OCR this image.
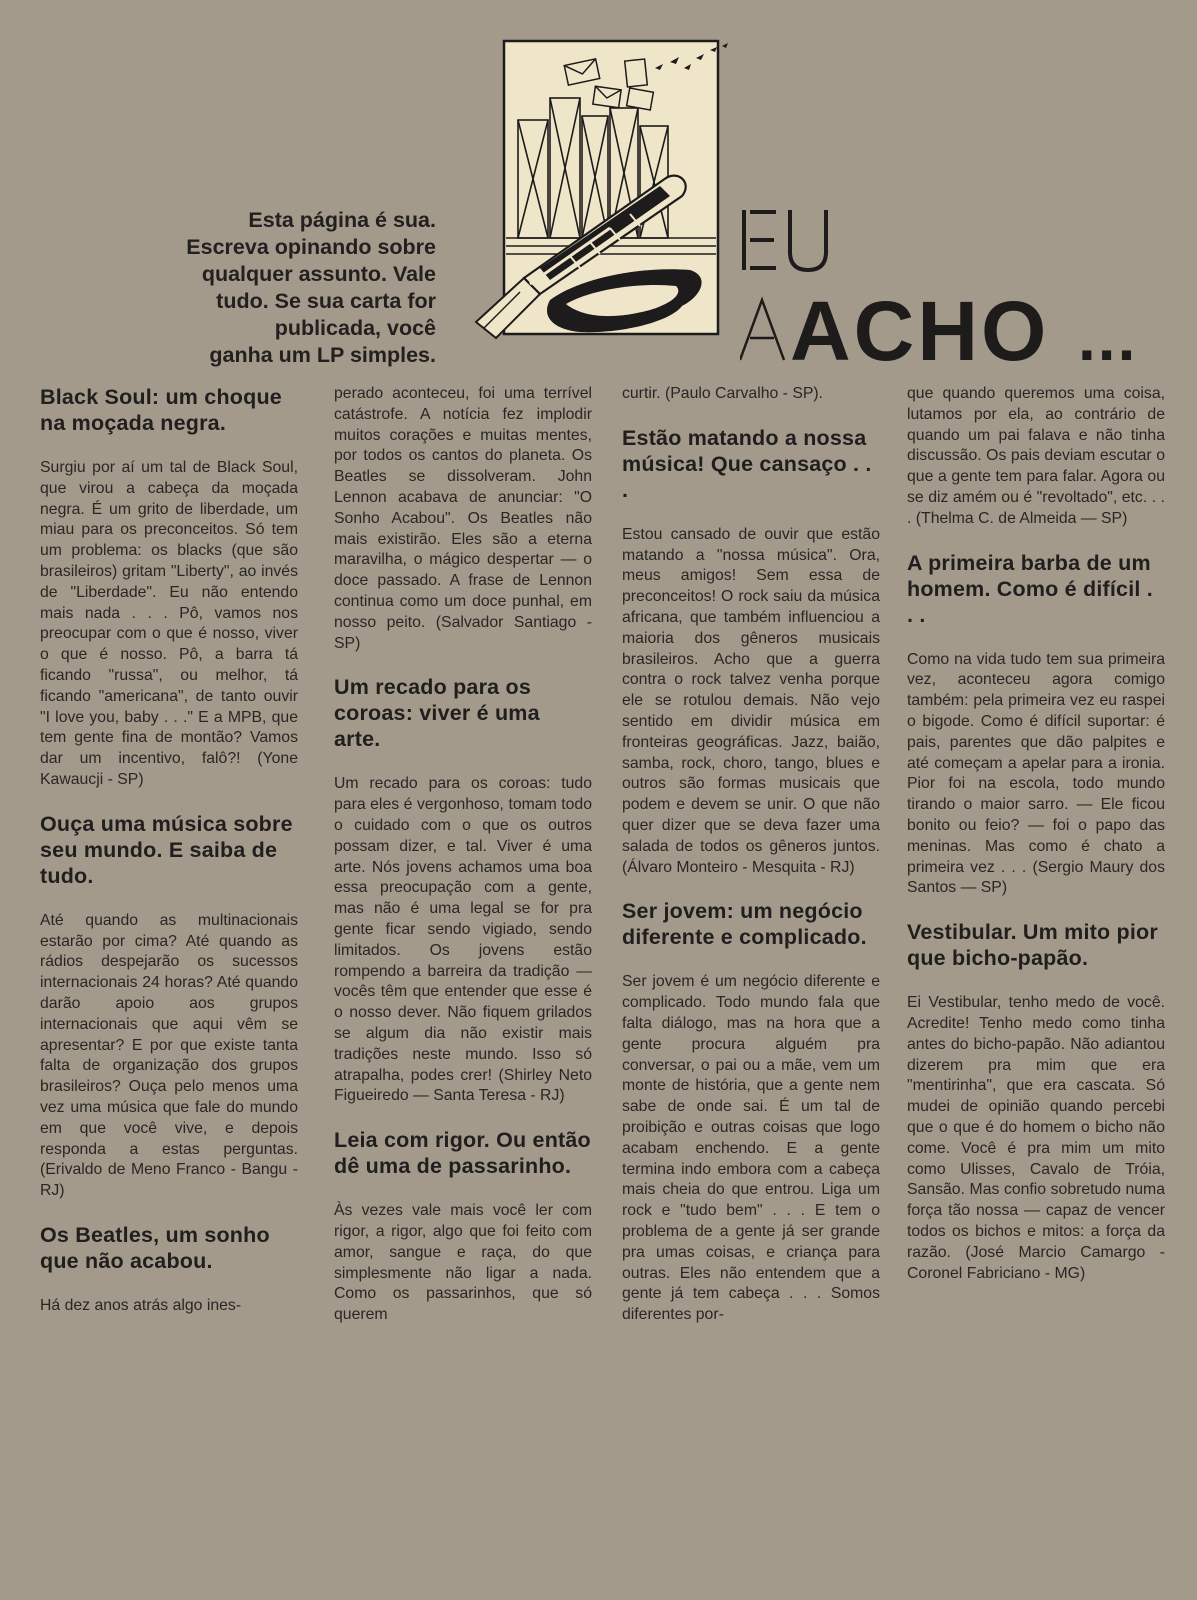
Esta página é sua.
Escreva opinando sobre
qualquer assunto. Vale
tudo. Se sua carta for
publicada, você
ganha um LP simples.	ACHO ...
Black Soul: um choque na moçada negra.
Surgiu por aí um tal de Black Soul, que virou a cabeça da moçada negra. É um grito de liberdade, um miau para os preconceitos. Só tem um problema: os blacks (que são brasileiros) gritam "Liberty", ao invés de "Liberdade". Eu não entendo mais nada . . . Pô, vamos nos preocupar com o que é nosso, viver o que é nosso. Pô, a barra tá ficando "russa", ou melhor, tá ficando "americana", de tanto ouvir "I love you, baby . . ." E a MPB, que tem gente fina de montão? Vamos dar um incentivo, falô?! (Yone Kawaucji - SP)
Ouça uma música sobre seu mundo. E saiba de tudo.
Até quando as multinacionais estarão por cima? Até quando as rádios despejarão os sucessos internacionais 24 horas? Até quando darão apoio aos grupos internacionais que aqui vêm se apresentar? E por que existe tanta falta de organização dos grupos brasileiros? Ouça pelo menos uma vez uma música que fale do mundo em que você vive, e depois responda a estas perguntas. (Erivaldo de Meno Franco - Bangu - RJ)
Os Beatles, um sonho que não acabou.
Há dez anos atrás algo ines-
perado aconteceu, foi uma terrível catástrofe. A notícia fez implodir muitos corações e muitas mentes, por todos os cantos do planeta. Os Beatles se dissolveram. John Lennon acabava de anunciar: "O Sonho Acabou". Os Beatles não mais existirão. Eles são a eterna maravilha, o mágico despertar — o doce passado. A frase de Lennon continua como um doce punhal, em nosso peito. (Salvador Santiago - SP)
Um recado para os coroas: viver é uma arte.
Um recado para os coroas: tudo para eles é vergonhoso, tomam todo o cuidado com o que os outros possam dizer, e tal. Viver é uma arte. Nós jovens achamos uma boa essa preocupação com a gente, mas não é uma legal se for pra gente ficar sendo vigiado, sendo limitados. Os jovens estão rompendo a barreira da tradição — vocês têm que entender que esse é o nosso dever. Não fiquem grilados se algum dia não existir mais tradições neste mundo. Isso só atrapalha, podes crer! (Shirley Neto Figueiredo — Santa Teresa - RJ)
Leia com rigor. Ou então dê uma de passarinho.
Às vezes vale mais você ler com rigor, a rigor, algo que foi feito com amor, sangue e raça, do que simplesmente não ligar a nada. Como os passarinhos, que só querem
curtir. (Paulo Carvalho - SP).
Estão matando a nossa música! Que cansaço . . .
Estou cansado de ouvir que estão matando a "nossa música". Ora, meus amigos! Sem essa de preconceitos! O rock saiu da música africana, que também influenciou a maioria dos gêneros musicais brasileiros. Acho que a guerra contra o rock talvez venha porque ele se rotulou demais. Não vejo sentido em dividir música em fronteiras geográficas. Jazz, baião, samba, rock, choro, tango, blues e outros são formas musicais que podem e devem se unir. O que não quer dizer que se deva fazer uma salada de todos os gêneros juntos. (Álvaro Monteiro - Mesquita - RJ)
Ser jovem: um negócio diferente e complicado.
Ser jovem é um negócio diferente e complicado. Todo mundo fala que falta diálogo, mas na hora que a gente procura alguém pra conversar, o pai ou a mãe, vem um monte de história, que a gente nem sabe de onde sai. É um tal de proibição e outras coisas que logo acabam enchendo. E a gente termina indo embora com a cabeça mais cheia do que entrou. Liga um rock e "tudo bem" . . . E tem o problema de a gente já ser grande pra umas coisas, e criança para outras. Eles não entendem que a gente já tem cabeça . . . Somos diferentes por-
que quando queremos uma coisa, lutamos por ela, ao contrário de quando um pai falava e não tinha discussão. Os pais deviam escutar o que a gente tem para falar. Agora ou se diz amém ou é "revoltado", etc. . . . (Thelma C. de Almeida — SP)
A primeira barba de um homem. Como é difícil . . .
Como na vida tudo tem sua primeira vez, aconteceu agora comigo também: pela primeira vez eu raspei o bigode. Como é difícil suportar: é pais, parentes que dão palpites e até começam a apelar para a ironia. Pior foi na escola, todo mundo tirando o maior sarro. — Ele ficou bonito ou feio? — foi o papo das meninas. Mas como é chato a primeira vez . . . (Sergio Maury dos Santos — SP)
Vestibular. Um mito pior que bicho-papão.
Ei Vestibular, tenho medo de você. Acredite! Tenho medo como tinha antes do bicho-papão. Não adiantou dizerem pra mim que era "mentirinha", que era cascata. Só mudei de opinião quando percebi que o que é do homem o bicho não come. Você é pra mim um mito como Ulisses, Cavalo de Tróia, Sansão. Mas confio sobretudo numa força tão nossa — capaz de vencer todos os bichos e mitos: a força da razão. (José Marcio Camargo - Coronel Fabriciano - MG)
